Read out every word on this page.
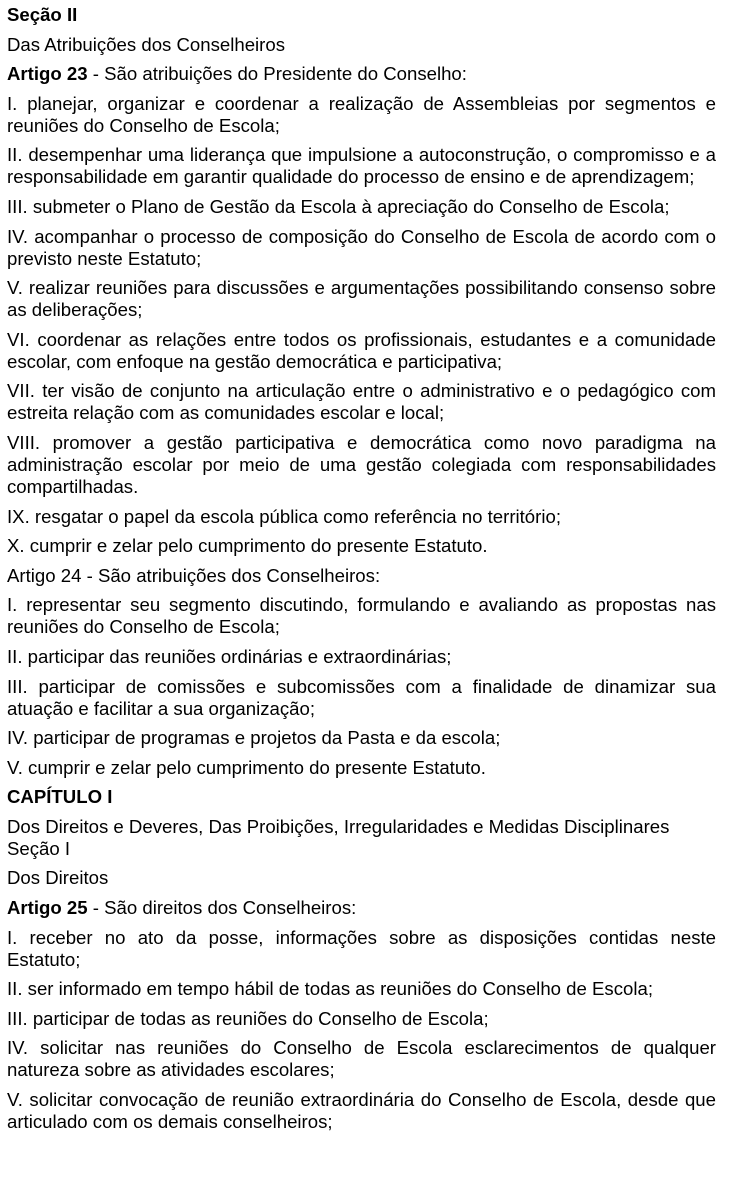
Seção II

Das Atribuições dos Conselheiros

Artigo 23 - São atribuições do Presidente do Conselho:

I. planejar, organizar e coordenar a realização de Assembleias por segmentos e reuniões do Conselho de Escola;

II. desempenhar uma liderança que impulsione a autoconstrução, o compromisso e a responsabilidade em garantir qualidade do processo de ensino e de aprendizagem;

III. submeter o Plano de Gestão da Escola à apreciação do Conselho de Escola;

IV. acompanhar o processo de composição do Conselho de Escola de acordo com o previsto neste Estatuto;

V. realizar reuniões para discussões e argumentações possibilitando consenso sobre as deliberações;

VI. coordenar as relações entre todos os profissionais, estudantes e a comunidade escolar, com enfoque na gestão democrática e participativa;

VII. ter visão de conjunto na articulação entre o administrativo e o pedagógico com estreita relação com as comunidades escolar e local;

VIII. promover a gestão participativa e democrática como novo paradigma na administração escolar por meio de uma gestão colegiada com responsabilidades compartilhadas.

IX. resgatar o papel da escola pública como referência no território;

X. cumprir e zelar pelo cumprimento do presente Estatuto.

Artigo 24 - São atribuições dos Conselheiros:

I. representar seu segmento discutindo, formulando e avaliando as propostas nas reuniões do Conselho de Escola;

II. participar das reuniões ordinárias e extraordinárias;

III. participar de comissões e subcomissões com a finalidade de dinamizar sua atuação e facilitar a sua organização;

IV. participar de programas e projetos da Pasta e da escola;

V. cumprir e zelar pelo cumprimento do presente Estatuto.

CAPÍTULO I

Dos Direitos e Deveres, Das Proibições, Irregularidades e Medidas Disciplinares

Seção I

Dos Direitos

Artigo 25 - São direitos dos Conselheiros:

I. receber no ato da posse, informações sobre as disposições contidas neste Estatuto;

II. ser informado em tempo hábil de todas as reuniões do Conselho de Escola;

III. participar de todas as reuniões do Conselho de Escola;

IV. solicitar nas reuniões do Conselho de Escola esclarecimentos de qualquer natureza sobre as atividades escolares;

V. solicitar convocação de reunião extraordinária do Conselho de Escola, desde que articulado com os demais conselheiros;
